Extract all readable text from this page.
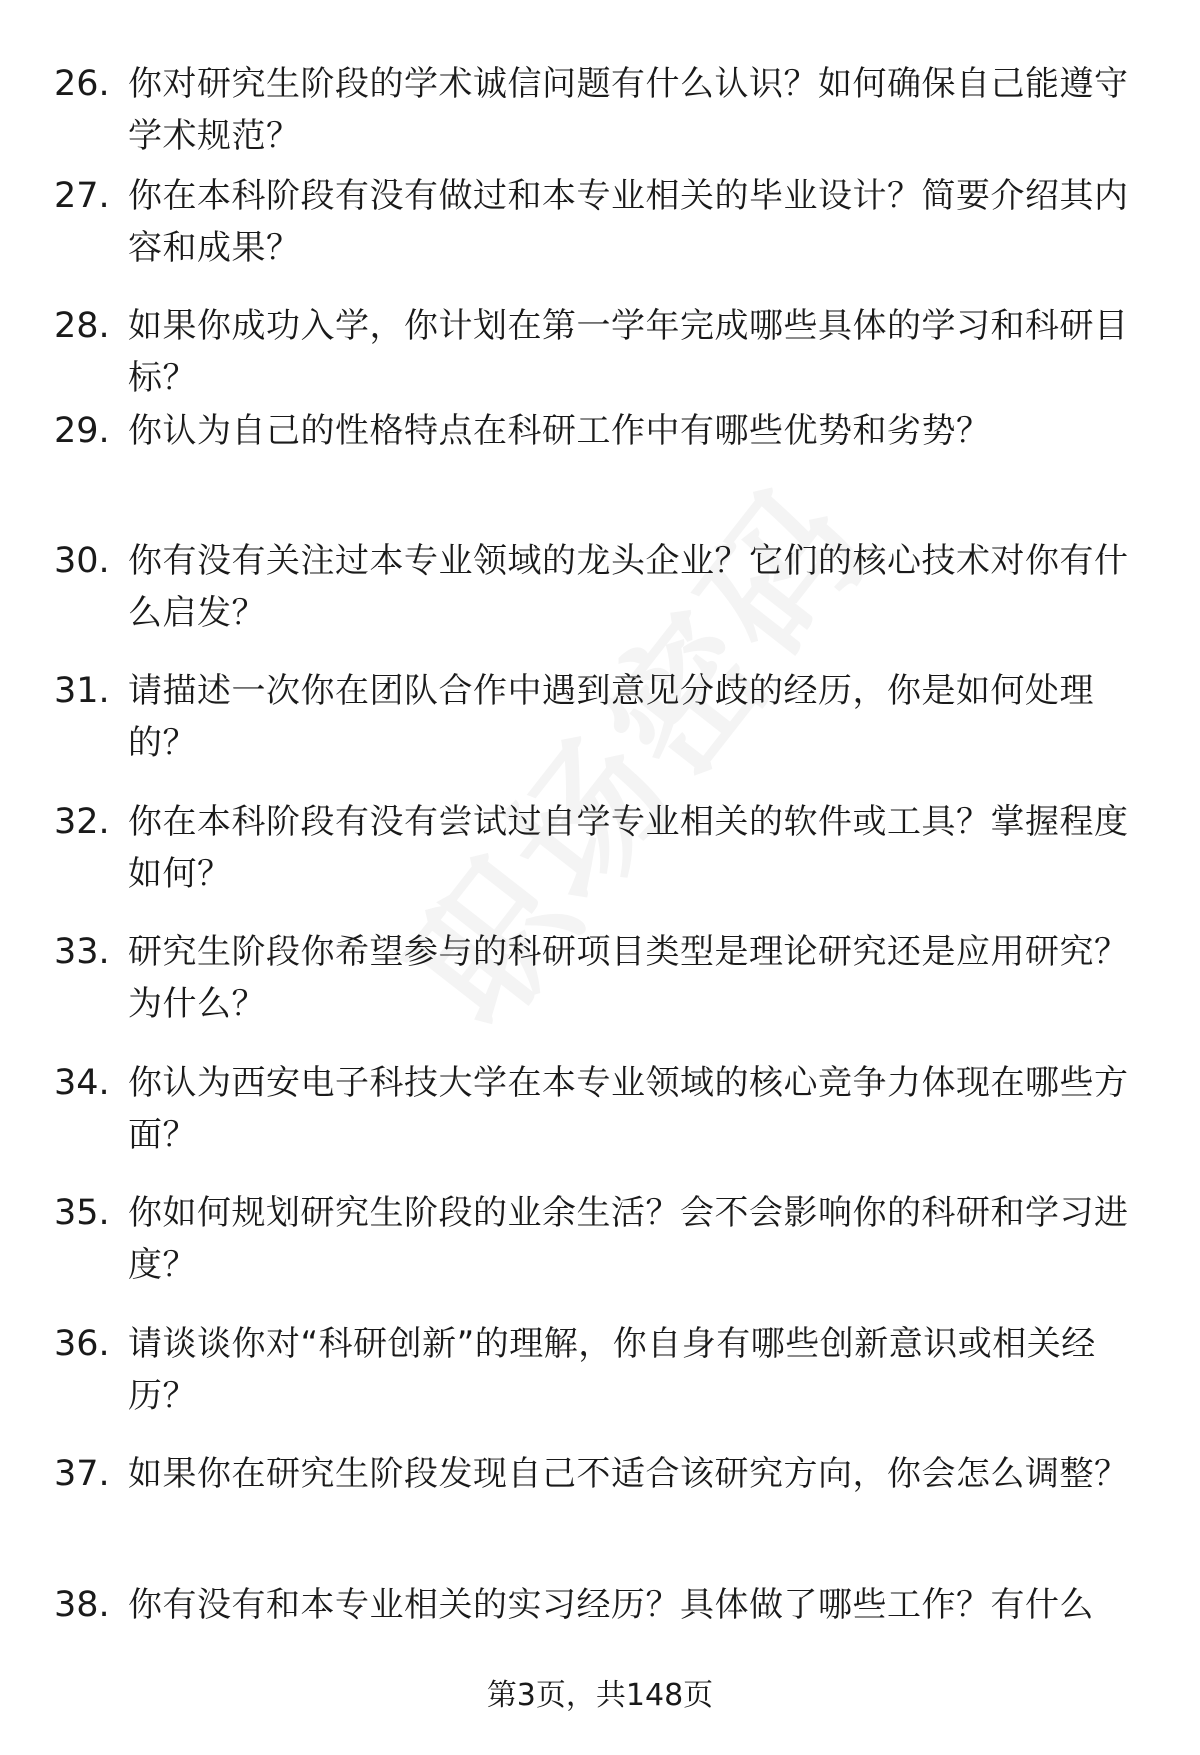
26. 你对研究生阶段的学术诚信问题有什么认识？如何确保自己能遵守学术规范？
27. 你在本科阶段有没有做过和本专业相关的毕业设计？简要介绍其内容和成果？
28. 如果你成功入学，你计划在第一学年完成哪些具体的学习和科研目标？
29. 你认为自己的性格特点在科研工作中有哪些优势和劣势？
30. 你有没有关注过本专业领域的龙头企业？它们的核心技术对你有什么启发？
31. 请描述一次你在团队合作中遇到意见分歧的经历，你是如何处理的？
32. 你在本科阶段有没有尝试过自学专业相关的软件或工具？掌握程度如何？
33. 研究生阶段你希望参与的科研项目类型是理论研究还是应用研究？为什么？
34. 你认为西安电子科技大学在本专业领域的核心竞争力体现在哪些方面？
35. 你如何规划研究生阶段的业余生活？会不会影响你的科研和学习进度？
36. 请谈谈你对“科研创新”的理解，你自身有哪些创新意识或相关经历？
37. 如果你在研究生阶段发现自己不适合该研究方向，你会怎么调整？
38. 你有没有和本专业相关的实习经历？具体做了哪些工作？有什么
第3页，共148页
